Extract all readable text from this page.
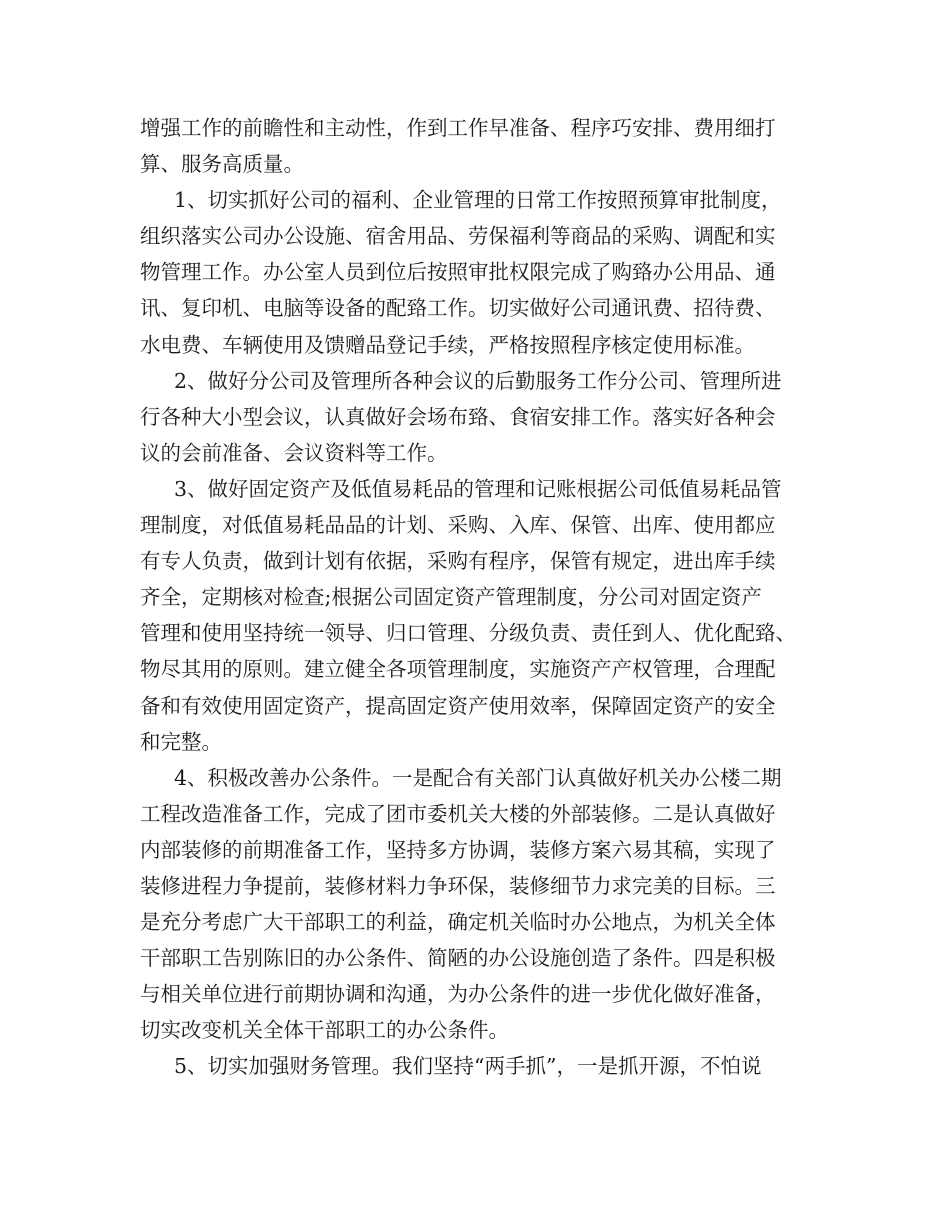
增强工作的前瞻性和主动性，作到工作早准备、程序巧安排、费用细打
算、服务高质量。
1、切实抓好公司的福利、企业管理的日常工作按照预算审批制度，
组织落实公司办公设施、宿舍用品、劳保福利等商品的采购、调配和实
物管理工作。办公室人员到位后按照审批权限完成了购臵办公用品、通
讯、复印机、电脑等设备的配臵工作。切实做好公司通讯费、招待费、
水电费、车辆使用及馈赠品登记手续，严格按照程序核定使用标准。
2、做好分公司及管理所各种会议的后勤服务工作分公司、管理所进
行各种大小型会议，认真做好会场布臵、食宿安排工作。落实好各种会
议的会前准备、会议资料等工作。
3、做好固定资产及低值易耗品的管理和记账根据公司低值易耗品管
理制度，对低值易耗品品的计划、采购、入库、保管、出库、使用都应
有专人负责，做到计划有依据，采购有程序，保管有规定，进出库手续
齐全，定期核对检查;根据公司固定资产管理制度，分公司对固定资产
管理和使用坚持统一领导、归口管理、分级负责、责任到人、优化配臵、
物尽其用的原则。建立健全各项管理制度，实施资产产权管理，合理配
备和有效使用固定资产，提高固定资产使用效率，保障固定资产的安全
和完整。
4、积极改善办公条件。一是配合有关部门认真做好机关办公楼二期
工程改造准备工作，完成了团市委机关大楼的外部装修。二是认真做好
内部装修的前期准备工作，坚持多方协调，装修方案六易其稿，实现了
装修进程力争提前，装修材料力争环保，装修细节力求完美的目标。三
是充分考虑广大干部职工的利益，确定机关临时办公地点，为机关全体
干部职工告别陈旧的办公条件、简陋的办公设施创造了条件。四是积极
与相关单位进行前期协调和沟通，为办公条件的进一步优化做好准备，
切实改变机关全体干部职工的办公条件。
5、切实加强财务管理。我们坚持“两手抓”，一是抓开源，不怕说
